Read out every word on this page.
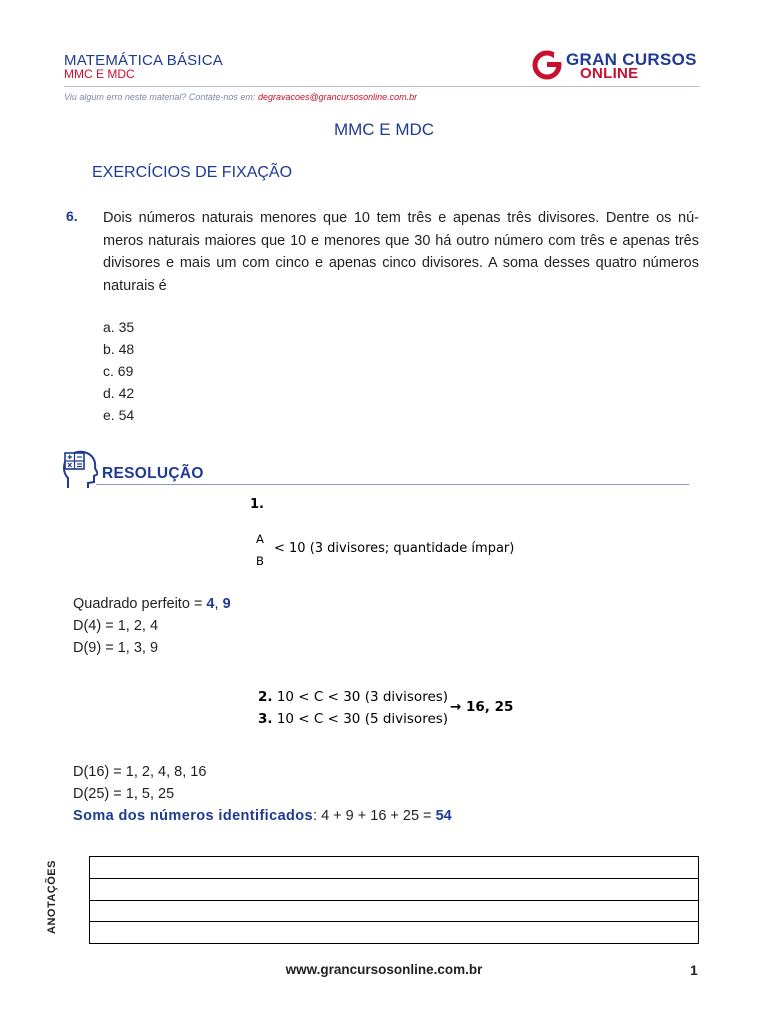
MATEMÁTICA BÁSICA
MMC E MDC
Viu algum erro neste material? Contate-nos em: degravacoes@grancursosonline.com.br
GRAN CURSOS
ONLINE
MMC E MDC
EXERCÍCIOS DE FIXAÇÃO
6. Dois números naturais menores que 10 tem três e apenas três divisores. Dentre os nú-meros naturais maiores que 10 e menores que 30 há outro número com três e apenas três divisores e mais um com cinco e apenas cinco divisores. A soma desses quatro números naturais é
a. 35
b. 48
c. 69
d. 42
e. 54
RESOLUÇÃO
1.
A
B
< 10 (3 divisores; quantidade ímpar)
Quadrado perfeito = 4, 9
D(4) = 1, 2, 4
D(9) = 1, 3, 9
2. 10 < C < 30 (3 divisores)
3. 10 < C < 30 (5 divisores)
→ 16, 25
D(16) = 1, 2, 4, 8, 16
D(25) = 1, 5, 25
Soma dos números identificados: 4 + 9 + 16 + 25 = 54
ANOTAÇÕES
www.grancursosonline.com.br	1
